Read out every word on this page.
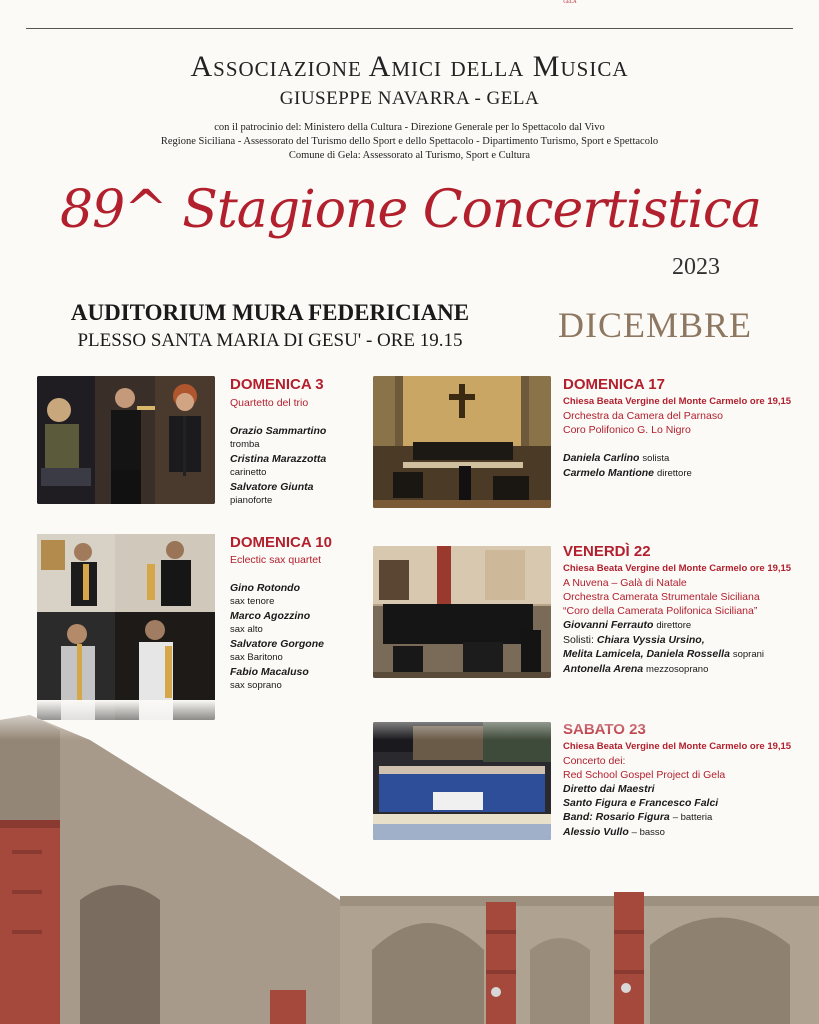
GELA
Associazione Amici della Musica
GIUSEPPE NAVARRA - GELA
con il patrocinio del: Ministero della Cultura - Direzione Generale per lo Spettacolo dal Vivo
Regione Siciliana - Assessorato del Turismo dello Sport e dello Spettacolo - Dipartimento Turismo, Sport e Spettacolo
Comune di Gela: Assessorato al Turismo, Sport e Cultura
89^ Stagione Concertistica
2023
AUDITORIUM MURA FEDERICIANE
PLESSO SANTA MARIA DI GESU' - ORE 19.15	DICEMBRE
DOMENICA 3
Quartetto del trio
Orazio Sammartino
tromba
Cristina Marazzotta
carinetto
Salvatore Giunta
pianoforte
DOMENICA 10
Eclectic sax quartet
Gino Rotondo
sax tenore
Marco Agozzino
sax alto
Salvatore Gorgone
sax Baritono
Fabio Macaluso
sax soprano
DOMENICA 17
Chiesa Beata Vergine del Monte Carmelo ore 19,15
Orchestra da Camera del Parnaso
Coro Polifonico G. Lo Nigro
Daniela Carlino solista
Carmelo Mantione direttore
VENERDÌ 22
Chiesa Beata Vergine del Monte Carmelo ore 19,15
A Nuvena – Galà di Natale
Orchestra Camerata Strumentale Siciliana
“Coro della Camerata Polifonica Siciliana”
Giovanni Ferrauto direttore
Solisti: Chiara Vyssia Ursino,
Melita Lamicela, Daniela Rossella soprani
Antonella Arena mezzosoprano
Chiesa Beata Vergine del Monte Carmelo ore 19,15
Concerto dei:
Red School Gospel Project di Gela
Diretto dai Maestri
Santo Figura e Francesco Falci
Band: Rosario Figura – batteria
Alessio Vullo – basso
